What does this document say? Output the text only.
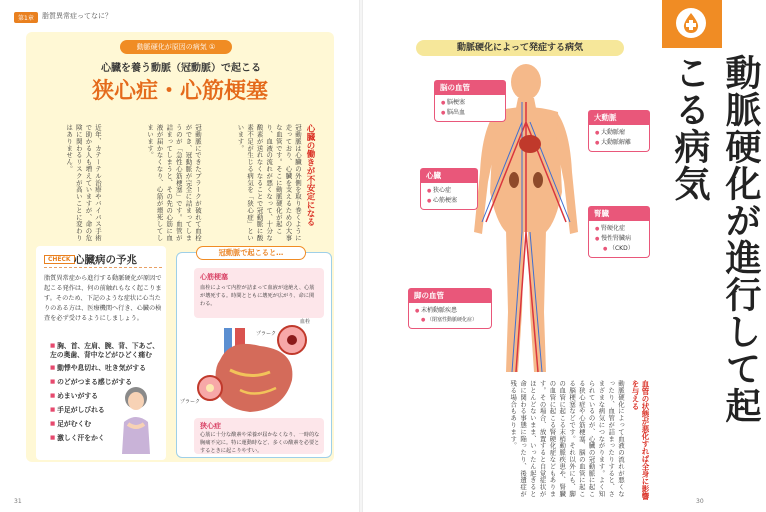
第1章	脂質異常症ってなに？
動脈硬化が原因の病気 ①
心臓を養う動脈（冠動脈）で起こる
狭心症・心筋梗塞
心臓の働きが不安定になる
冠動脈は心臓の外側を取り巻くように走っており、心臓を支えるための大事な血管です。そこに動脈硬化が起こり、血液の流れが悪くなって、十分な酸素が送れなくなることで冠動脈に酸素不足が生じる病気を「狭心症」といいます。
冠動脈にできたプラークが破れて血栓ができ、冠動脈が完全に詰まってしまうのが「急性心筋梗塞」です。血管が詰まってしまうと、その先の心筋に血液が届かなくなり、心筋が壊死してしまいます。
近年、カテーテル治療やバイパス手術で助かる人も増えていますが、命の危険に関わるリスクが高いことに変わりはありません。
CHECK 心臓病の予兆
脂質異常症から進行する動脈硬化が原因で起こる発作は、何の前触れもなく起こります。そのため、下記のような症状に心当たりのある方は、医療機関へ行き、心臓の検査を必ず受けるようにしましょう。
■ 胸、首、左肩、腕、背、下あご、左の奥歯、背中などがひどく痛む
■ 動悸や息切れ、吐き気がする
■ のどがつまる感じがする
■ めまいがする
■ 手足がしびれる
■ 足がむくむ
■ 激しく汗をかく
冠動脈で起こると…
心筋梗塞
血栓によって内腔が詰まって血液が途絶え、心筋が壊死する。時間とともに壊死が広がり、命に関わる。
血栓
プラーク
プラーク
狭心症
心筋に十分な酸素や栄養が届かなくなり、一時的な胸痛不完に。特に運動時など、多くの酸素を必要とするときに起こりやすい。
31
動脈硬化が進行して起こる病気
動脈硬化によって発症する病気
脳の血管
● 脳梗塞
● 脳出血
大動脈
● 大動脈瘤
● 大動脈解離
心臓
● 狭心症
● 心筋梗塞
腎臓
● 腎硬化症
● 慢性腎臓病
● （CKD）
脚の血管
● 末梢動脈疾患
● （閉塞性動脈硬化症）
血管の状態が悪化すれば全身に影響を与える
動脈硬化によって血液の流れが悪くなったり、血管が詰まったりすると、さまざまな病気につながります。よく知られているのが、心臓の冠動脈に起こる狭心症や心筋梗塞、脳の血管に起こる脳梗塞などです。それ以外にも、脚の血管に起こる末梢動脈疾患や、腎臓の血管に起こる腎硬化症などもあります。その場合、放置すると自覚症状がほとんどないまま、いったん起きると命に関わる事態に陥ったり、後遺症が残る場合もあります。
30
